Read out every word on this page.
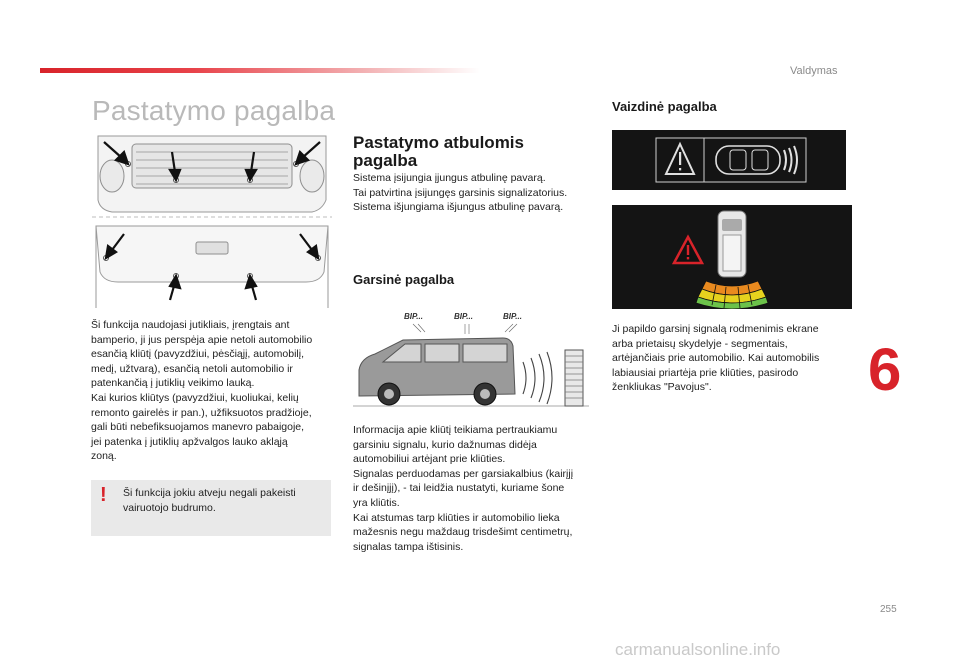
Valdymas
Pastatymo pagalba

Ši funkcija naudojasi jutikliais, įrengtais ant

bamperio, ji jus perspėja apie netoli automobilio

esančią kliūtį (pavyzdžiui, pėsčiąjį, automobilį,

medį, užtvarą), esančią netoli automobilio ir

patenkančią į jutiklių veikimo lauką.

Kai kurios kliūtys (pavyzdžiui, kuoliukai, kelių

remonto gairelės ir pan.), užfiksuotos pradžioje,

gali būti nebefiksuojamos manevro pabaigoje,

jei patenka į jutiklių apžvalgos lauko akląją

zoną.

! Ši funkcija jokiu atveju negali pakeisti

vairuotojo budrumo.

Pastatymo atbulomis
pagalba

Sistema įsijungia įjungus atbulinę pavarą.

Tai patvirtina įsijungęs garsinis signalizatorius.

Sistema išjungiama išjungus atbulinę pavarą.

Garsinė pagalba
BIP...	BIP...	BIP...

Informacija apie kliūtį teikiama pertraukiamu

garsiniu signalu, kurio dažnumas didėja

automobiliui artėjant prie kliūties.

Signalas perduodamas per garsiakalbius (kairįjį

ir dešinįjį), - tai leidžia nustatyti, kuriame šone

yra kliūtis.

Kai atstumas tarp kliūties ir automobilio lieka

mažesnis negu maždaug trisdešimt centimetrų,

signalas tampa ištisinis.

Vaizdinė pagalba

Ji papildo garsinį signalą rodmenimis ekrane

arba prietaisų skydelyje - segmentais,

artėjančiais prie automobilio. Kai automobilis

labiausiai priartėja prie kliūties, pasirodo

ženkliukas "Pavojus".	6
255
carmanualsonline.info
